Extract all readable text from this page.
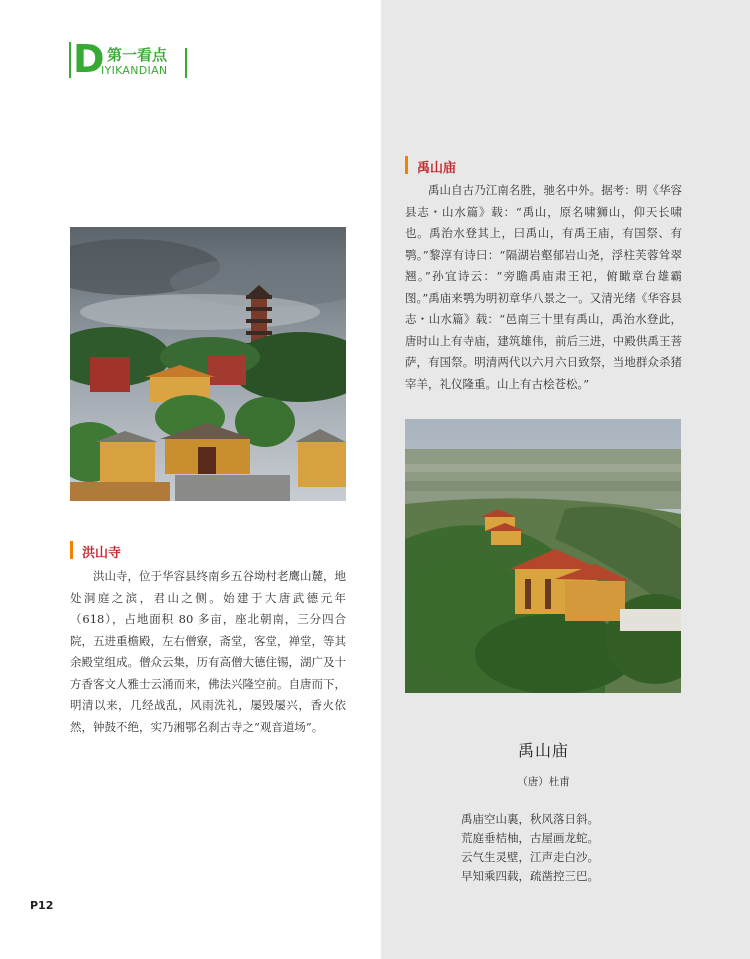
D 第一看点
IYIKANDIAN
洪山寺

洪山寺，位于华容县终南乡五谷坳村老鹰山麓，地处洞庭之滨，君山之侧。始建于大唐武德元年（618），占地面积 80 多亩，座北朝南，三分四合院，五进重檐殿，左右僧寮，斋堂，客堂，禅堂，等其余殿堂组成。僧众云集，历有高僧大德住锡，湖广及十方香客文人雅士云涌而来，佛法兴隆空前。自唐而下，明清以来，几经战乱，风雨洗礼，屡毁屡兴，香火依然，钟鼓不绝，实乃湘鄂名刹古寺之“观音道场”。

禹山庙

禹山自古乃江南名胜，驰名中外。据考：明《华容县志・山水篇》载：“禹山，原名啸狮山，仰天长啸也。禹治水登其上，曰禹山，有禹王庙，有国祭、有鹗。”黎淳有诗曰：“隔湖岩壑郁岩山尧，浮柱芙蓉耸翠翘。”孙宜诗云：“旁瞻禹庙肃王祀，俯瞰章台雄霸图。”禹庙来鹗为明初章华八景之一。又清光绪《华容县志・山水篇》载：“邑南三十里有禹山，禹治水登此，唐时山上有寺庙，建筑雄伟，前后三进，中殿供禹王菩萨，有国祭。明清两代以六月六日致祭，当地群众杀猪宰羊，礼仪隆重。山上有古桧苍松。”

禹山庙
（唐）杜甫
禹庙空山裏，秋风落日斜。
荒庭垂桔柚，古屋画龙蛇。
云气生灵壁，江声走白沙。
早知乘四载，疏凿控三巴。
P12
